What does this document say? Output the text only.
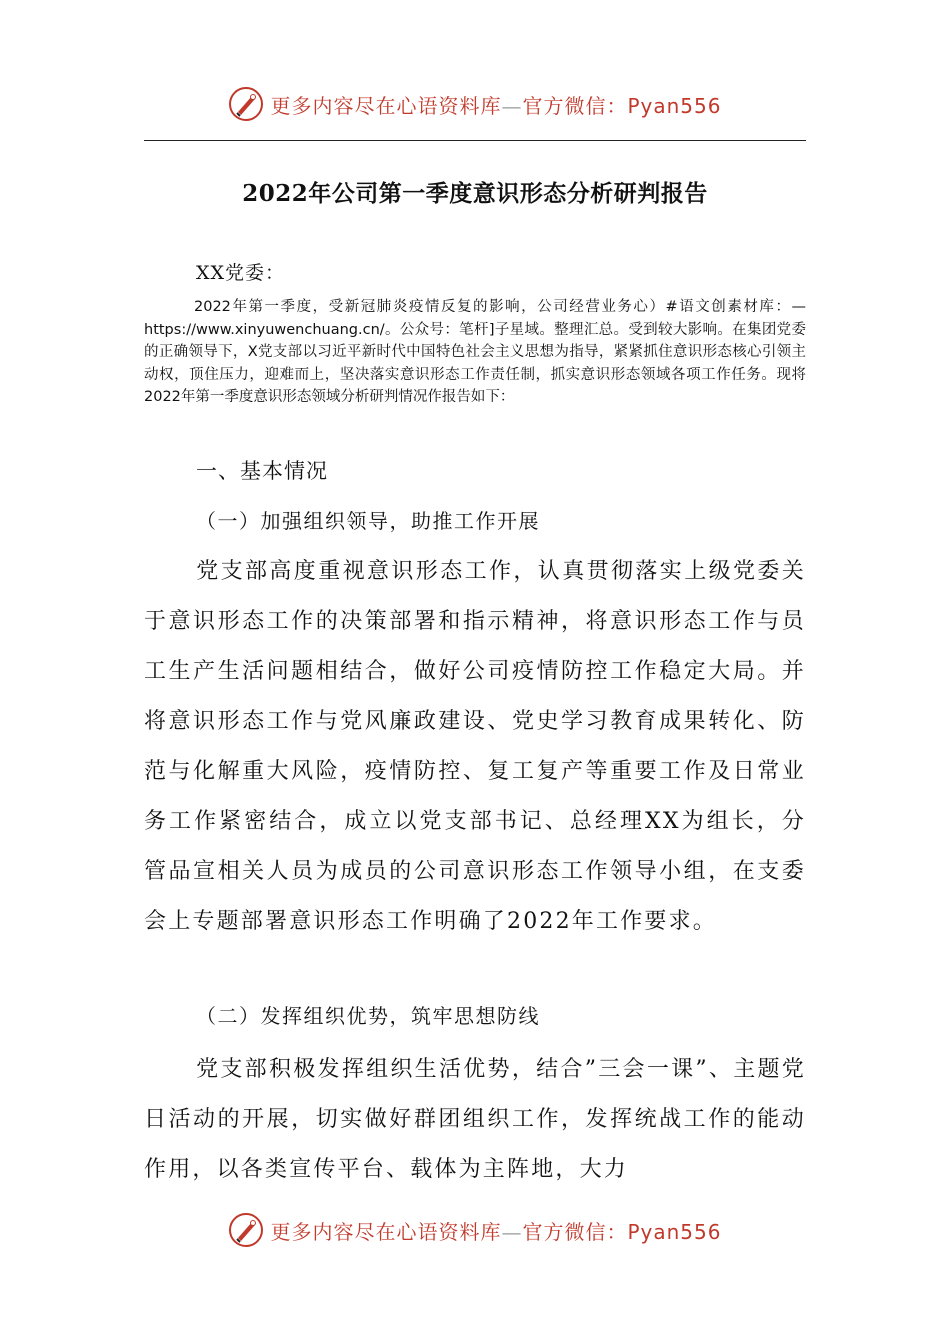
更多内容尽在心语资料库—官方微信：Pyan556
2022年公司第一季度意识形态分析研判报告
XX党委：

2022年第一季度，受新冠肺炎疫情反复的影响，公司经营业务心）#语文创素材库：—https://www.xinyuwenchuang.cn/。公众号：笔杆]子星域。整理汇总。受到较大影响。在集团党委的正确领导下，X党支部以习近平新时代中国特色社会主义思想为指导，紧紧抓住意识形态核心引领主动权，顶住压力，迎难而上，坚决落实意识形态工作责任制，抓实意识形态领域各项工作任务。现将2022年第一季度意识形态领域分析研判情况作报告如下：

一、基本情况
（一）加强组织领导，助推工作开展

党支部高度重视意识形态工作，认真贯彻落实上级党委关于意识形态工作的决策部署和指示精神，将意识形态工作与员工生产生活问题相结合，做好公司疫情防控工作稳定大局。并将意识形态工作与党风廉政建设、党史学习教育成果转化、防范与化解重大风险，疫情防控、复工复产等重要工作及日常业务工作紧密结合，成立以党支部书记、总经理XX为组长，分管品宣相关人员为成员的公司意识形态工作领导小组，在支委会上专题部署意识形态工作明确了2022年工作要求。

（二）发挥组织优势，筑牢思想防线

党支部积极发挥组织生活优势，结合”三会一课”、主题党日活动的开展，切实做好群团组织工作，发挥统战工作的能动作用，以各类宣传平台、载体为主阵地，大力

更多内容尽在心语资料库—官方微信：Pyan556
